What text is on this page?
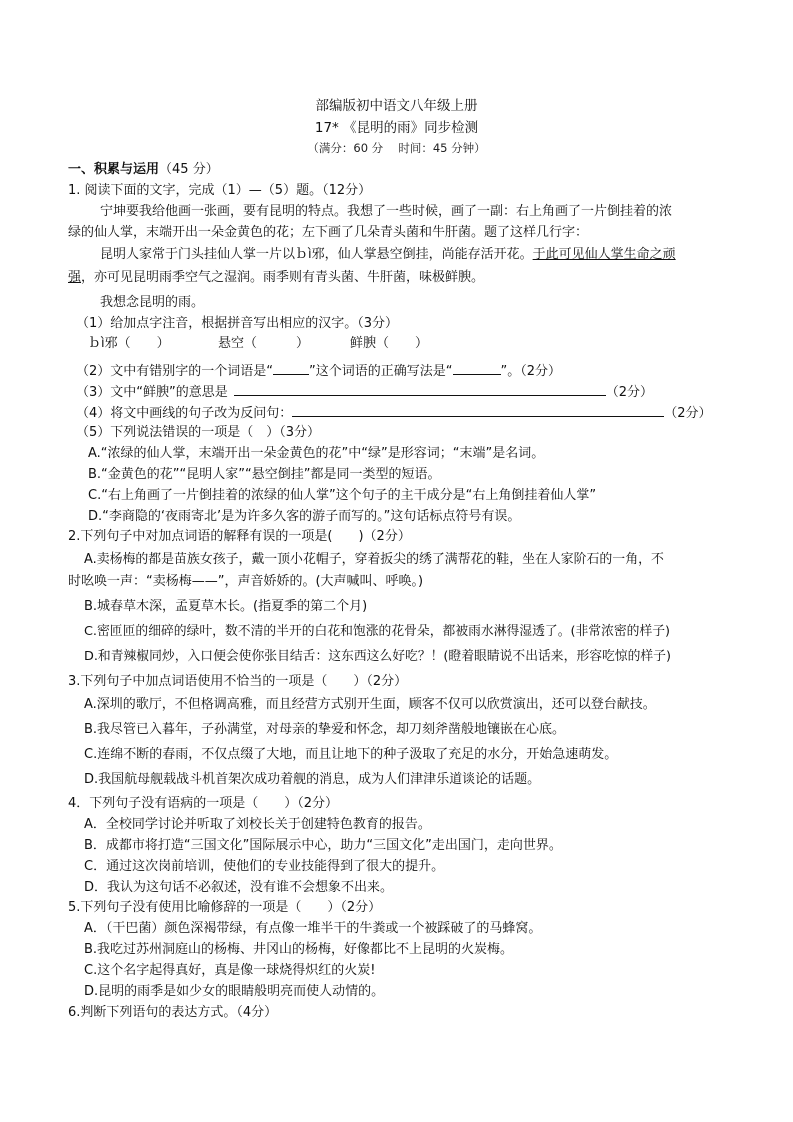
部编版初中语文八年级上册
17* 《昆明的雨》同步检测
（满分：60 分　 时间：45 分钟）
一、积累与运用（45 分）
1. 阅读下面的文字，完成（1）—（5）题。（12分）
宁坤要我给他画一张画，要有昆明的特点。我想了一些时候，画了一副：右上角画了一片倒挂着的浓
绿的仙人掌，末端开出一朵金黄色的花；左下画了几朵青头菌和牛肝菌。题了这样几行字：
昆明人家常于门头挂仙人掌一片以ｂì邪，仙人掌悬空倒挂，尚能存活开花。于此可见仙人掌生命之顽
强，亦可见昆明雨季空气之湿润。雨季则有青头菌、牛肝菌，味极鲜腴。
我想念昆明的雨。
（1）给加点字注音，根据拼音写出相应的汉字。（3分）
ｂì邪（　　）	悬空（　　　）	鲜腴（　　）
（2）文中有错别字的一个词语是“	”这个词语的正确写法是“	”。（2分）
（3）文中“鲜腴”的意思是	（2分）
（4）将文中画线的句子改为反问句：	（2分）
（5）下列说法错误的一项是（　）（3分）
A.“浓绿的仙人掌，末端开出一朵金黄色的花”中“绿”是形容词；“末端”是名词。
B.“金黄色的花”“昆明人家”“悬空倒挂”都是同一类型的短语。
C.“右上角画了一片倒挂着的浓绿的仙人掌”这个句子的主干成分是“右上角倒挂着仙人掌”
D.“李商隐的‘夜雨寄北’是为许多久客的游子而写的。”这句话标点符号有误。
2.下列句子中对加点词语的解释有误的一项是(　　)（2分）
A.卖杨梅的都是苗族女孩子，戴一顶小花帽子，穿着扳尖的绣了满帮花的鞋，坐在人家阶石的一角，不
时吆唤一声：“卖杨梅——”，声音娇娇的。(大声喊叫、呼唤。)
B.城春草木深，孟夏草木长。(指夏季的第二个月)
C.密匝匝的细碎的绿叶，数不清的半开的白花和饱涨的花骨朵，都被雨水淋得湿透了。(非常浓密的样子)
D.和青辣椒同炒，入口便会使你张目结舌：这东西这么好吃？！(瞪着眼睛说不出话来，形容吃惊的样子)
3.下列句子中加点词语使用不恰当的一项是（　　）（2分）
A.深圳的歌厅，不但格调高雅，而且经营方式别开生面，顾客不仅可以欣赏演出，还可以登台献技。
B.我尽管已入暮年，子孙满堂，对母亲的挚爱和怀念，却刀刻斧凿般地镶嵌在心底。
C.连绵不断的春雨，不仅点缀了大地，而且让地下的种子汲取了充足的水分，开始急速萌发。
D.我国航母舰载战斗机首架次成功着舰的消息，成为人们津津乐道谈论的话题。
4．下列句子没有语病的一项是（　　）（2分）
A．全校同学讨论并听取了刘校长关于创建特色教育的报告。
B．成都市将打造“三国文化”国际展示中心，助力“三国文化”走出国门，走向世界。
C．通过这次岗前培训，使他们的专业技能得到了很大的提升。
D．我认为这句话不必叙述，没有谁不会想象不出来。
5.下列句子没有使用比喻修辞的一项是（　　）（2分）
A．（干巴菌）颜色深褐带绿，有点像一堆半干的牛粪或一个被踩破了的马蜂窝。
B.我吃过苏州洞庭山的杨梅、井冈山的杨梅，好像都比不上昆明的火炭梅。
C.这个名字起得真好，真是像一球烧得炽红的火炭!
D.昆明的雨季是如少女的眼睛般明亮而使人动情的。
6.判断下列语句的表达方式。（4分）
